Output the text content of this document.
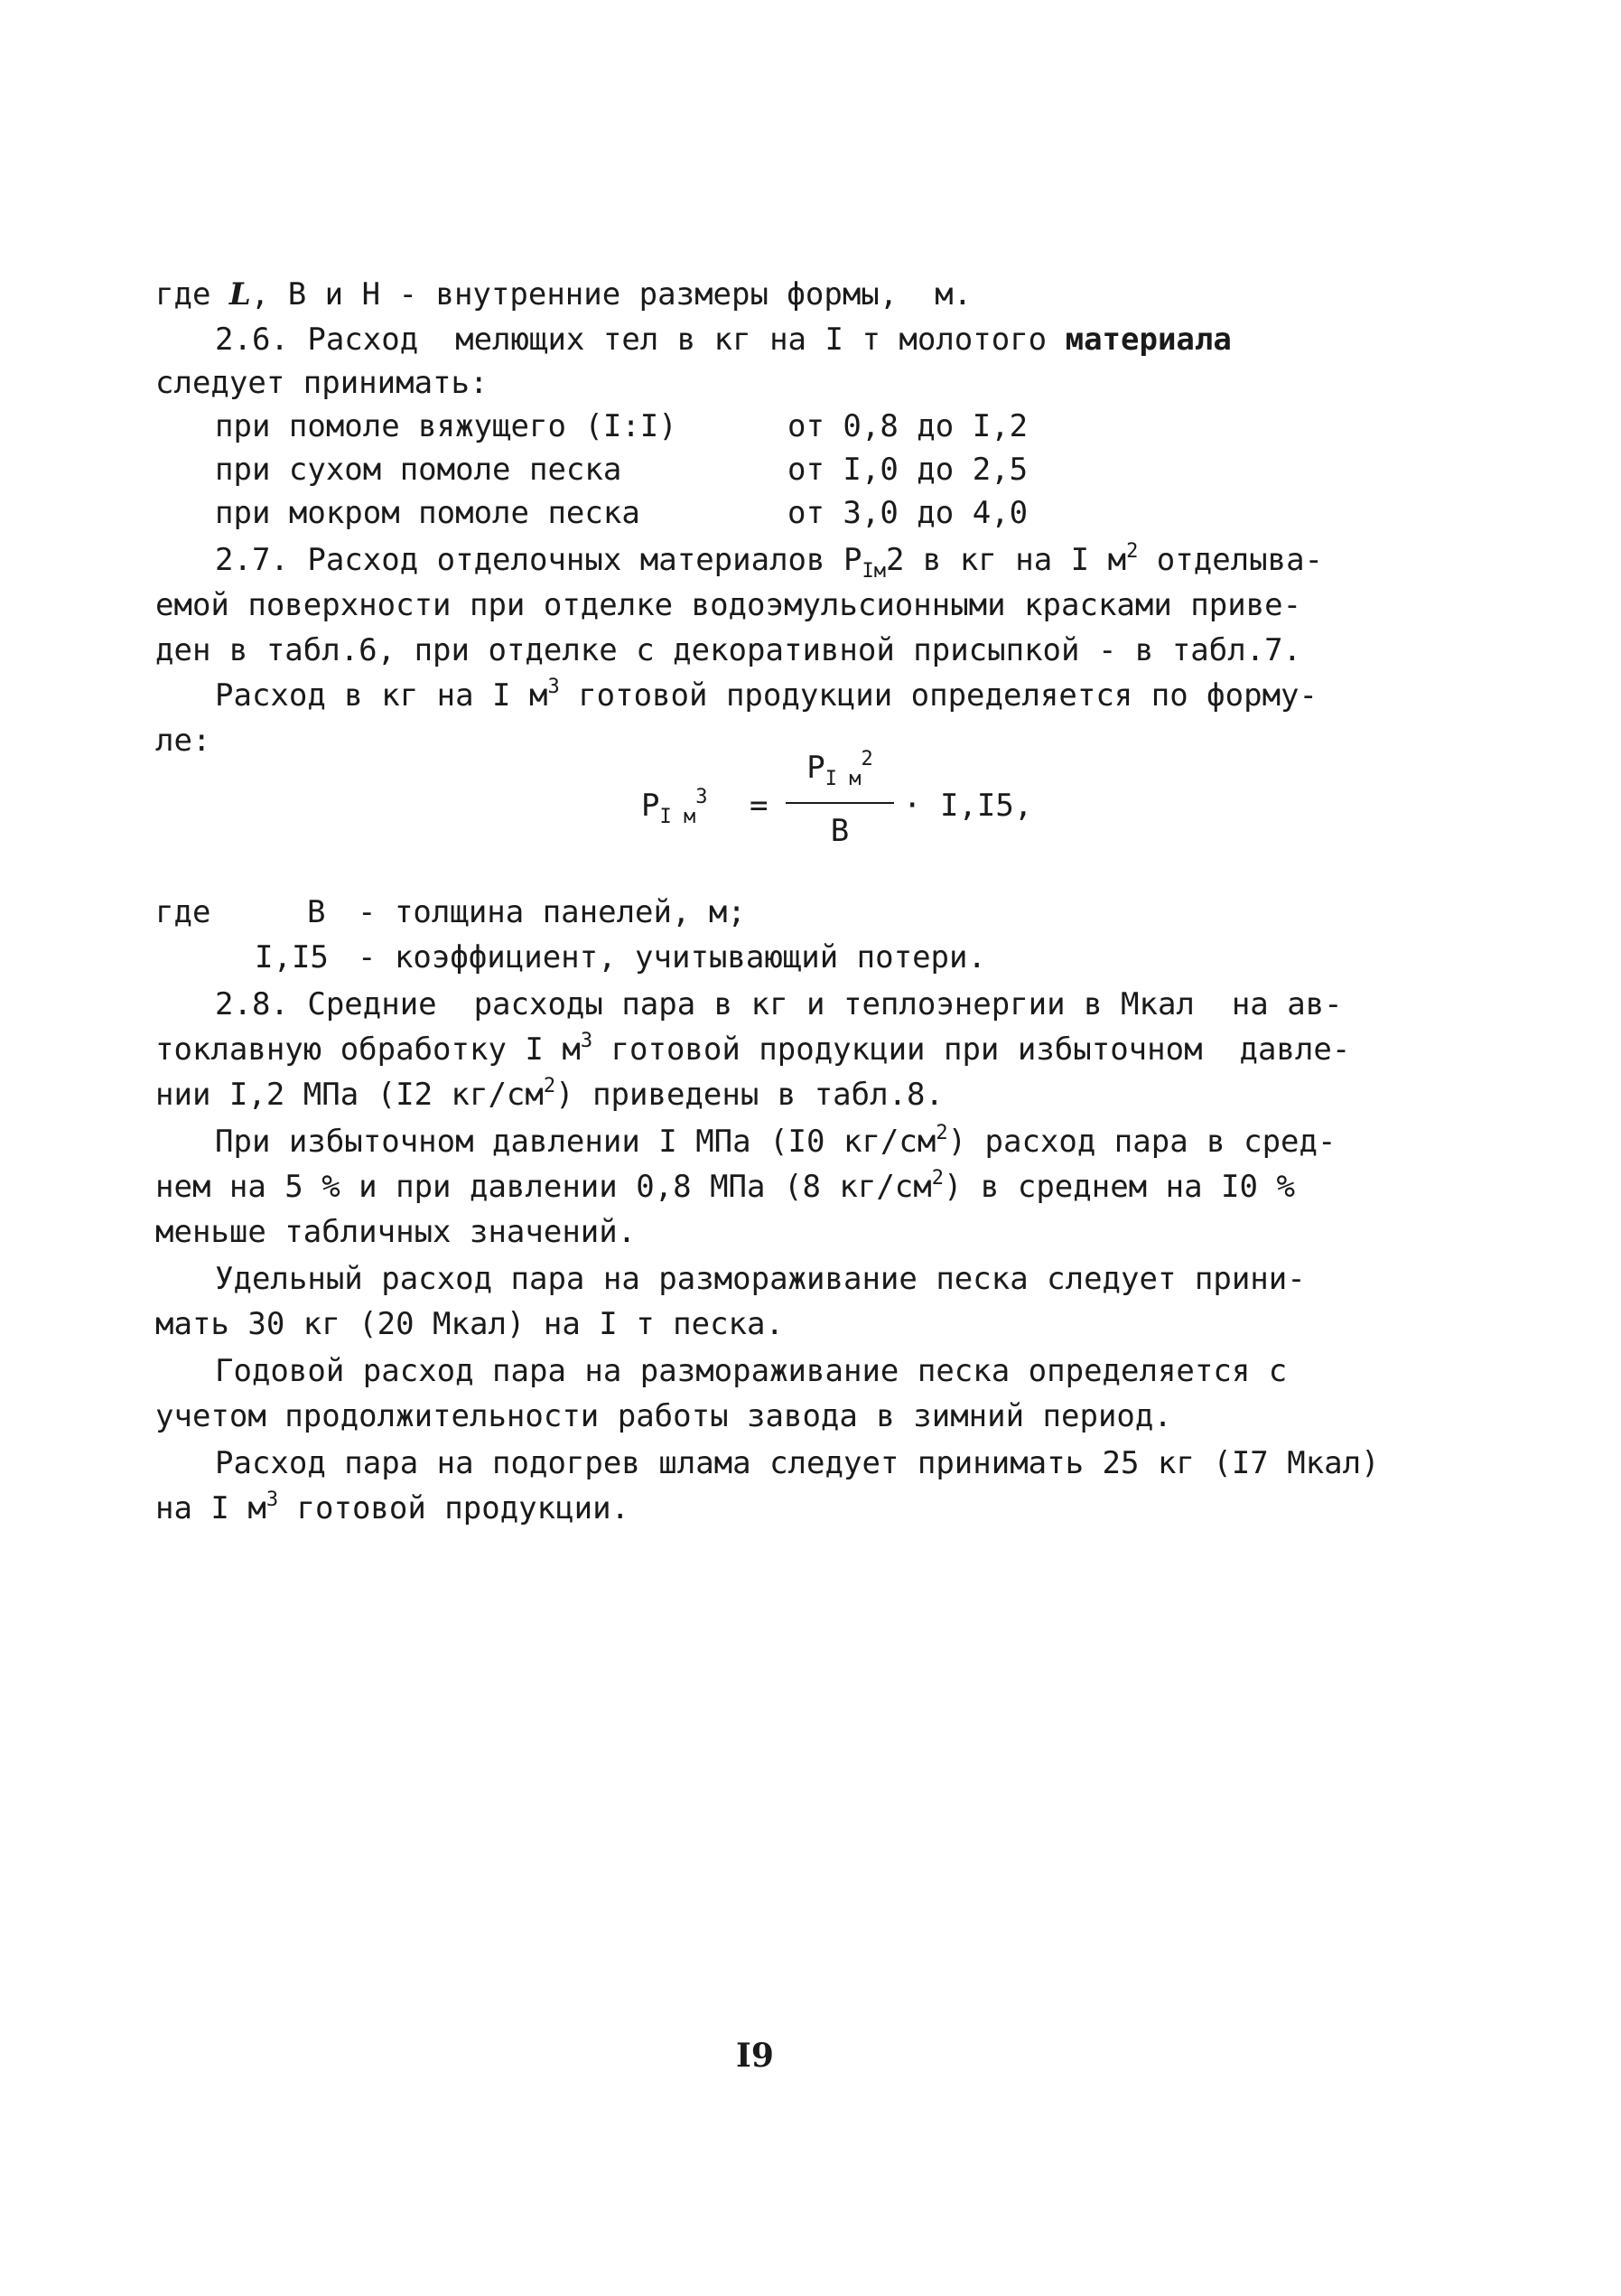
где L, В и Н - внутренние размеры формы,  м.
2.6. Расход  мелющих тел в кг на I т молотого материала
следует принимать:
при помоле вяжущего (I:I)	от 0,8 до I,2
при сухом помоле песка	от I,0 до 2,5
при мокром помоле песка	от 3,0 до 4,0
2.7. Расход отделочных материалов $P_{Iм}2$ в кг на I $м^2$ отделыва-
емой поверхности при отделке водоэмульсионными красками приве-
ден в табл.6, при отделке с декоративной присыпкой - в табл.7.
Расход в кг на I $м^3$ готовой продукции определяется по форму-
ле:
$P_{I м}^3$ =
$P_{I м}^2$
B
· I,I5,
где	B - толщина панелей, м;
I,I5 - коэффициент, учитывающий потери.
2.8. Средние  расходы пара в кг и теплоэнергии в Мкал  на ав-
токлавную обработку I $м^3$ готовой продукции при избыточном  давле-
нии I,2 МПа (I2 $кг/см^2$) приведены в табл.8.
При избыточном давлении I МПа (I0 $кг/см^2$) расход пара в сред-
нем на 5 % и при давлении 0,8 МПа (8 $кг/см^2$) в среднем на I0 %
меньше табличных значений.
Удельный расход пара на размораживание песка следует прини-
мать 30 кг (20 Мкал) на I т песка.
Годовой расход пара на размораживание песка определяется с
учетом продолжительности работы завода в зимний период.
Расход пара на подогрев шлама следует принимать 25 кг (I7 Мкал)
на I $м^3$ готовой продукции.
I9
